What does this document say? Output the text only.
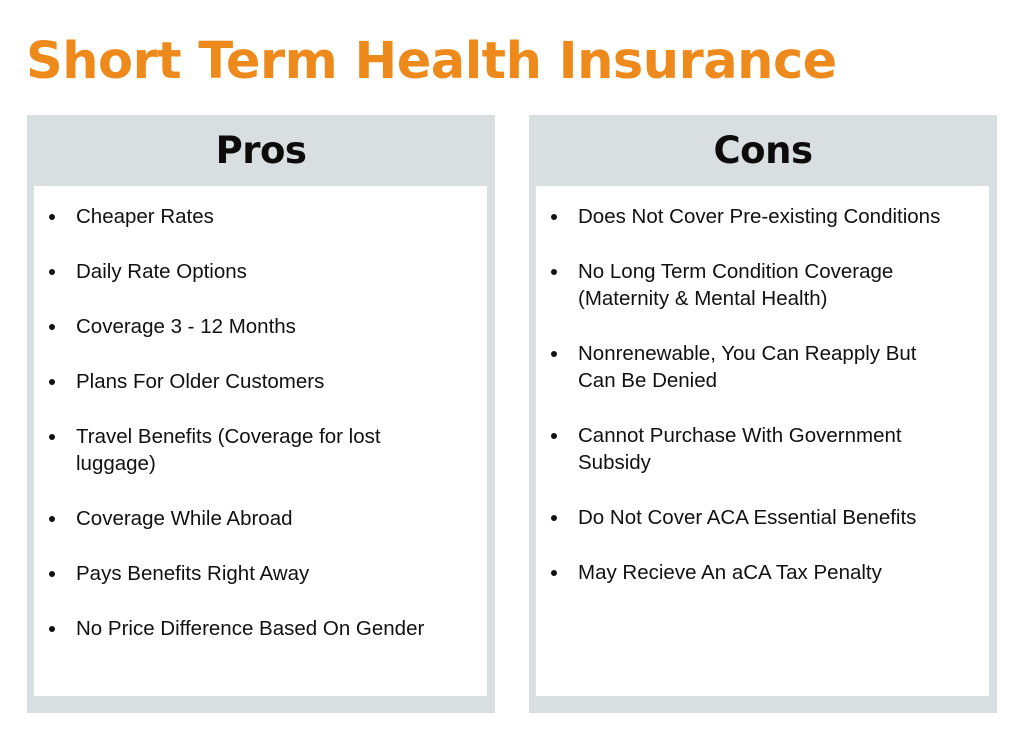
Short Term Health Insurance
Pros
Cheaper Rates
Daily Rate Options
Coverage 3 - 12 Months
Plans For Older Customers
Travel Benefits (Coverage for lost luggage)
Coverage While Abroad
Pays Benefits Right Away
No Price Difference Based On Gender
Cons
Does Not Cover Pre-existing Conditions
No Long Term Condition Coverage (Maternity & Mental Health)
Nonrenewable, You Can Reapply But Can Be Denied
Cannot Purchase With Government Subsidy
Do Not Cover ACA Essential Benefits
May Recieve An aCA Tax Penalty
